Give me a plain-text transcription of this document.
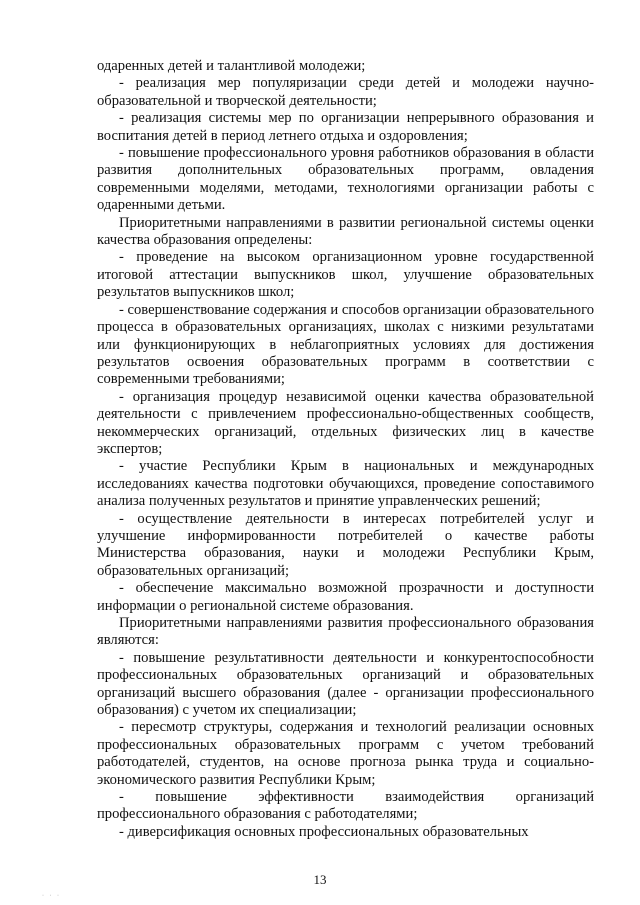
одаренных детей и талантливой молодежи;

- реализация мер популяризации среди детей и молодежи научно-образовательной и творческой деятельности;

- реализация системы мер по организации непрерывного образования и воспитания детей в период летнего отдыха и оздоровления;

- повышение профессионального уровня работников образования в области развития дополнительных образовательных программ, овладения современными моделями, методами, технологиями организации работы с одаренными детьми.

Приоритетными направлениями в развитии региональной системы оценки качества образования определены:

- проведение на высоком организационном уровне государственной итоговой аттестации выпускников школ, улучшение образовательных результатов выпускников школ;

- совершенствование содержания и способов организации образовательного процесса в образовательных организациях, школах с низкими результатами или функционирующих в неблагоприятных условиях для достижения результатов освоения образовательных программ в соответствии с современными требованиями;

- организация процедур независимой оценки качества образовательной деятельности с привлечением профессионально-общественных сообществ, некоммерческих организаций, отдельных физических лиц в качестве экспертов;

- участие Республики Крым в национальных и международных исследованиях качества подготовки обучающихся, проведение сопоставимого анализа полученных результатов и принятие управленческих решений;

- осуществление деятельности в интересах потребителей услуг и улучшение информированности потребителей о качестве работы Министерства образования, науки и молодежи Республики Крым, образовательных организаций;

- обеспечение максимально возможной прозрачности и доступности информации о региональной системе образования.

Приоритетными направлениями развития профессионального образования являются:

- повышение результативности деятельности и конкурентоспособности профессиональных образовательных организаций и образовательных организаций высшего образования (далее - организации профессионального образования) с учетом их специализации;

- пересмотр структуры, содержания и технологий реализации основных профессиональных образовательных программ с учетом требований работодателей, студентов, на основе прогноза рынка труда и социально-экономического развития Республики Крым;

- повышение эффективности взаимодействия организаций профессионального образования с работодателями;

- диверсификация основных профессиональных образовательных

13
· · ·
